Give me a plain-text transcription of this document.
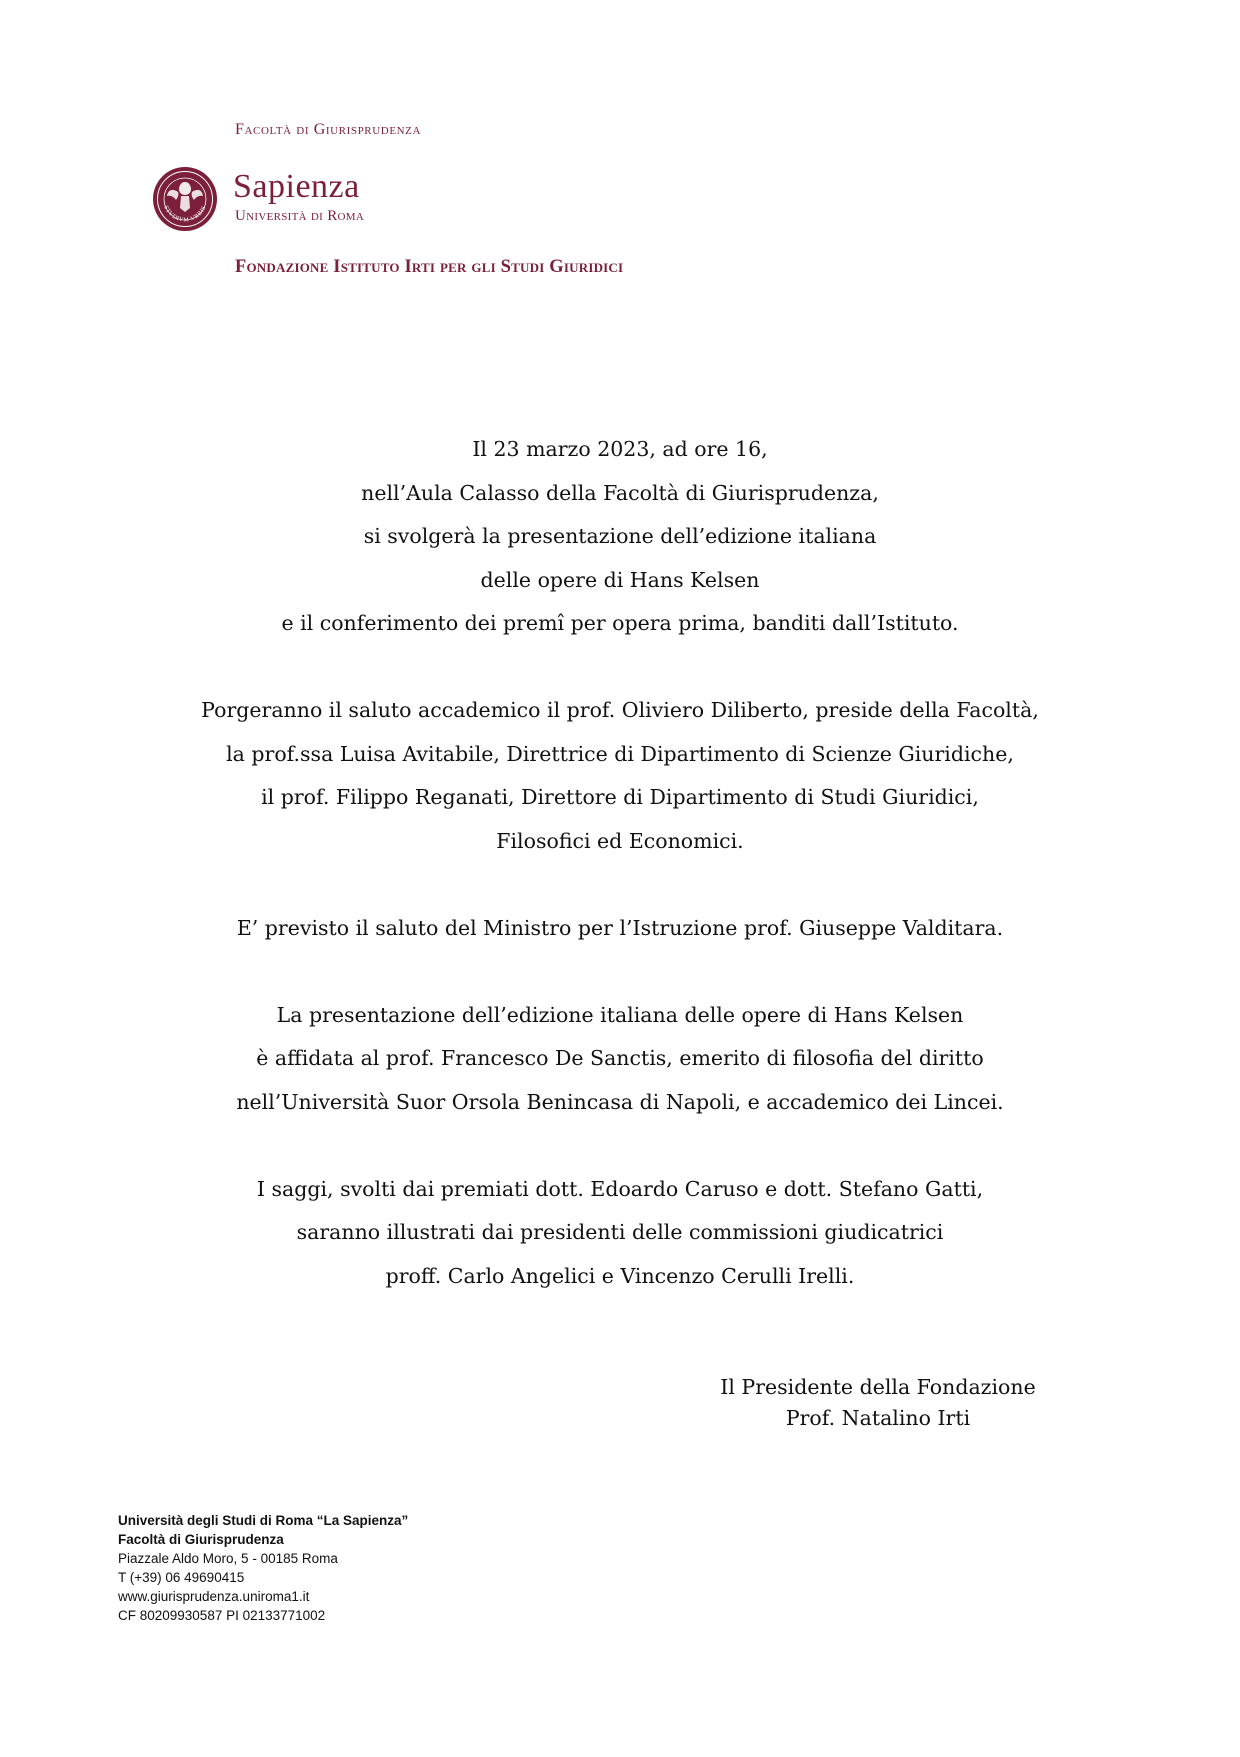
Facoltà di Giurisprudenza
STVDIVM VRBIS
Sapienza
Università di Roma
Fondazione Istituto Irti per gli Studi Giuridici
Il 23 marzo 2023, ad ore 16,
nell’Aula Calasso della Facoltà di Giurisprudenza,
si svolgerà la presentazione dell’edizione italiana
delle opere di Hans Kelsen
e il conferimento dei premî per opera prima, banditi dall’Istituto.
Porgeranno il saluto accademico il prof. Oliviero Diliberto, preside della Facoltà,
la prof.ssa Luisa Avitabile, Direttrice di Dipartimento di Scienze Giuridiche,
il prof. Filippo Reganati, Direttore di Dipartimento di Studi Giuridici,
Filosofici ed Economici.
E’ previsto il saluto del Ministro per l’Istruzione prof. Giuseppe Valditara.
La presentazione dell’edizione italiana delle opere di Hans Kelsen
è affidata al prof. Francesco De Sanctis, emerito di filosofia del diritto
nell’Università Suor Orsola Benincasa di Napoli, e accademico dei Lincei.
I saggi, svolti dai premiati dott. Edoardo Caruso e dott. Stefano Gatti,
saranno illustrati dai presidenti delle commissioni giudicatrici
proff. Carlo Angelici e Vincenzo Cerulli Irelli.
Il Presidente della Fondazione
Prof. Natalino Irti
Università degli Studi di Roma “La Sapienza”
Facoltà di Giurisprudenza
Piazzale Aldo Moro, 5 - 00185 Roma
T (+39) 06 49690415
www.giurisprudenza.uniroma1.it
CF 80209930587 PI 02133771002
